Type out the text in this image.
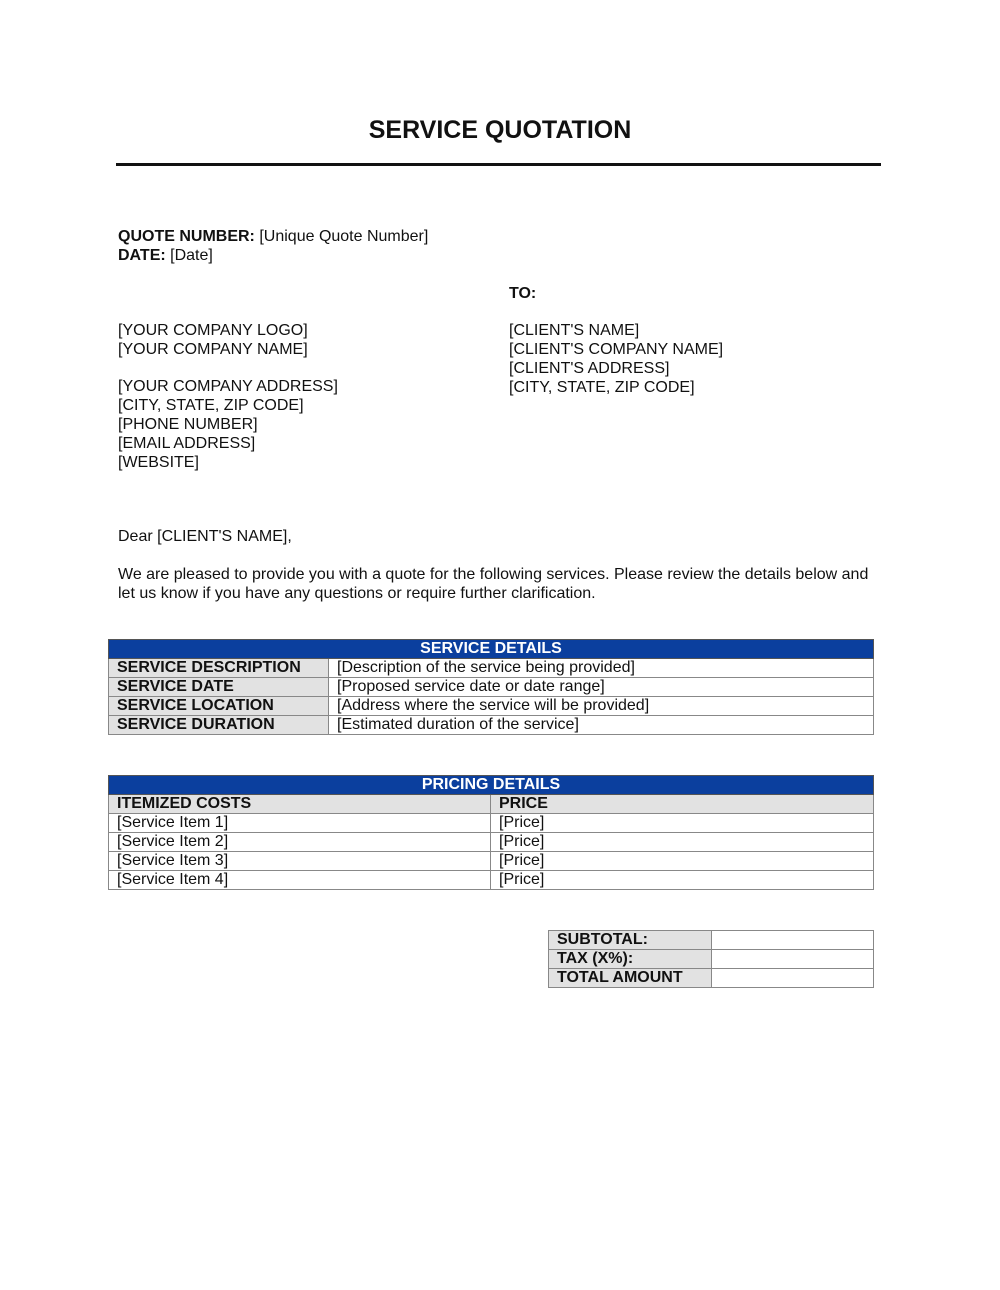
SERVICE QUOTATION
QUOTE NUMBER: [Unique Quote Number]
DATE: [Date]
TO:
[YOUR COMPANY LOGO]
[YOUR COMPANY NAME]
[YOUR COMPANY ADDRESS]
[CITY, STATE, ZIP CODE]
[PHONE NUMBER]
[EMAIL ADDRESS]
[WEBSITE]
[CLIENT'S NAME]
[CLIENT'S COMPANY NAME]
[CLIENT'S ADDRESS]
[CITY, STATE, ZIP CODE]
Dear [CLIENT'S NAME],
We are pleased to provide you with a quote for the following services. Please review the details below and let us know if you have any questions or require further clarification.
SERVICE DETAILS	
SERVICE DESCRIPTION	[Description of the service being provided]
SERVICE DATE	[Proposed service date or date range]
SERVICE LOCATION	[Address where the service will be provided]
SERVICE DURATION	[Estimated duration of the service]
PRICING DETAILS	
ITEMIZED COSTS	PRICE
[Service Item 1]	[Price]
[Service Item 2]	[Price]
[Service Item 3]	[Price]
[Service Item 4]	[Price]
SUBTOTAL:	
TAX (X%):	
TOTAL AMOUNT	
